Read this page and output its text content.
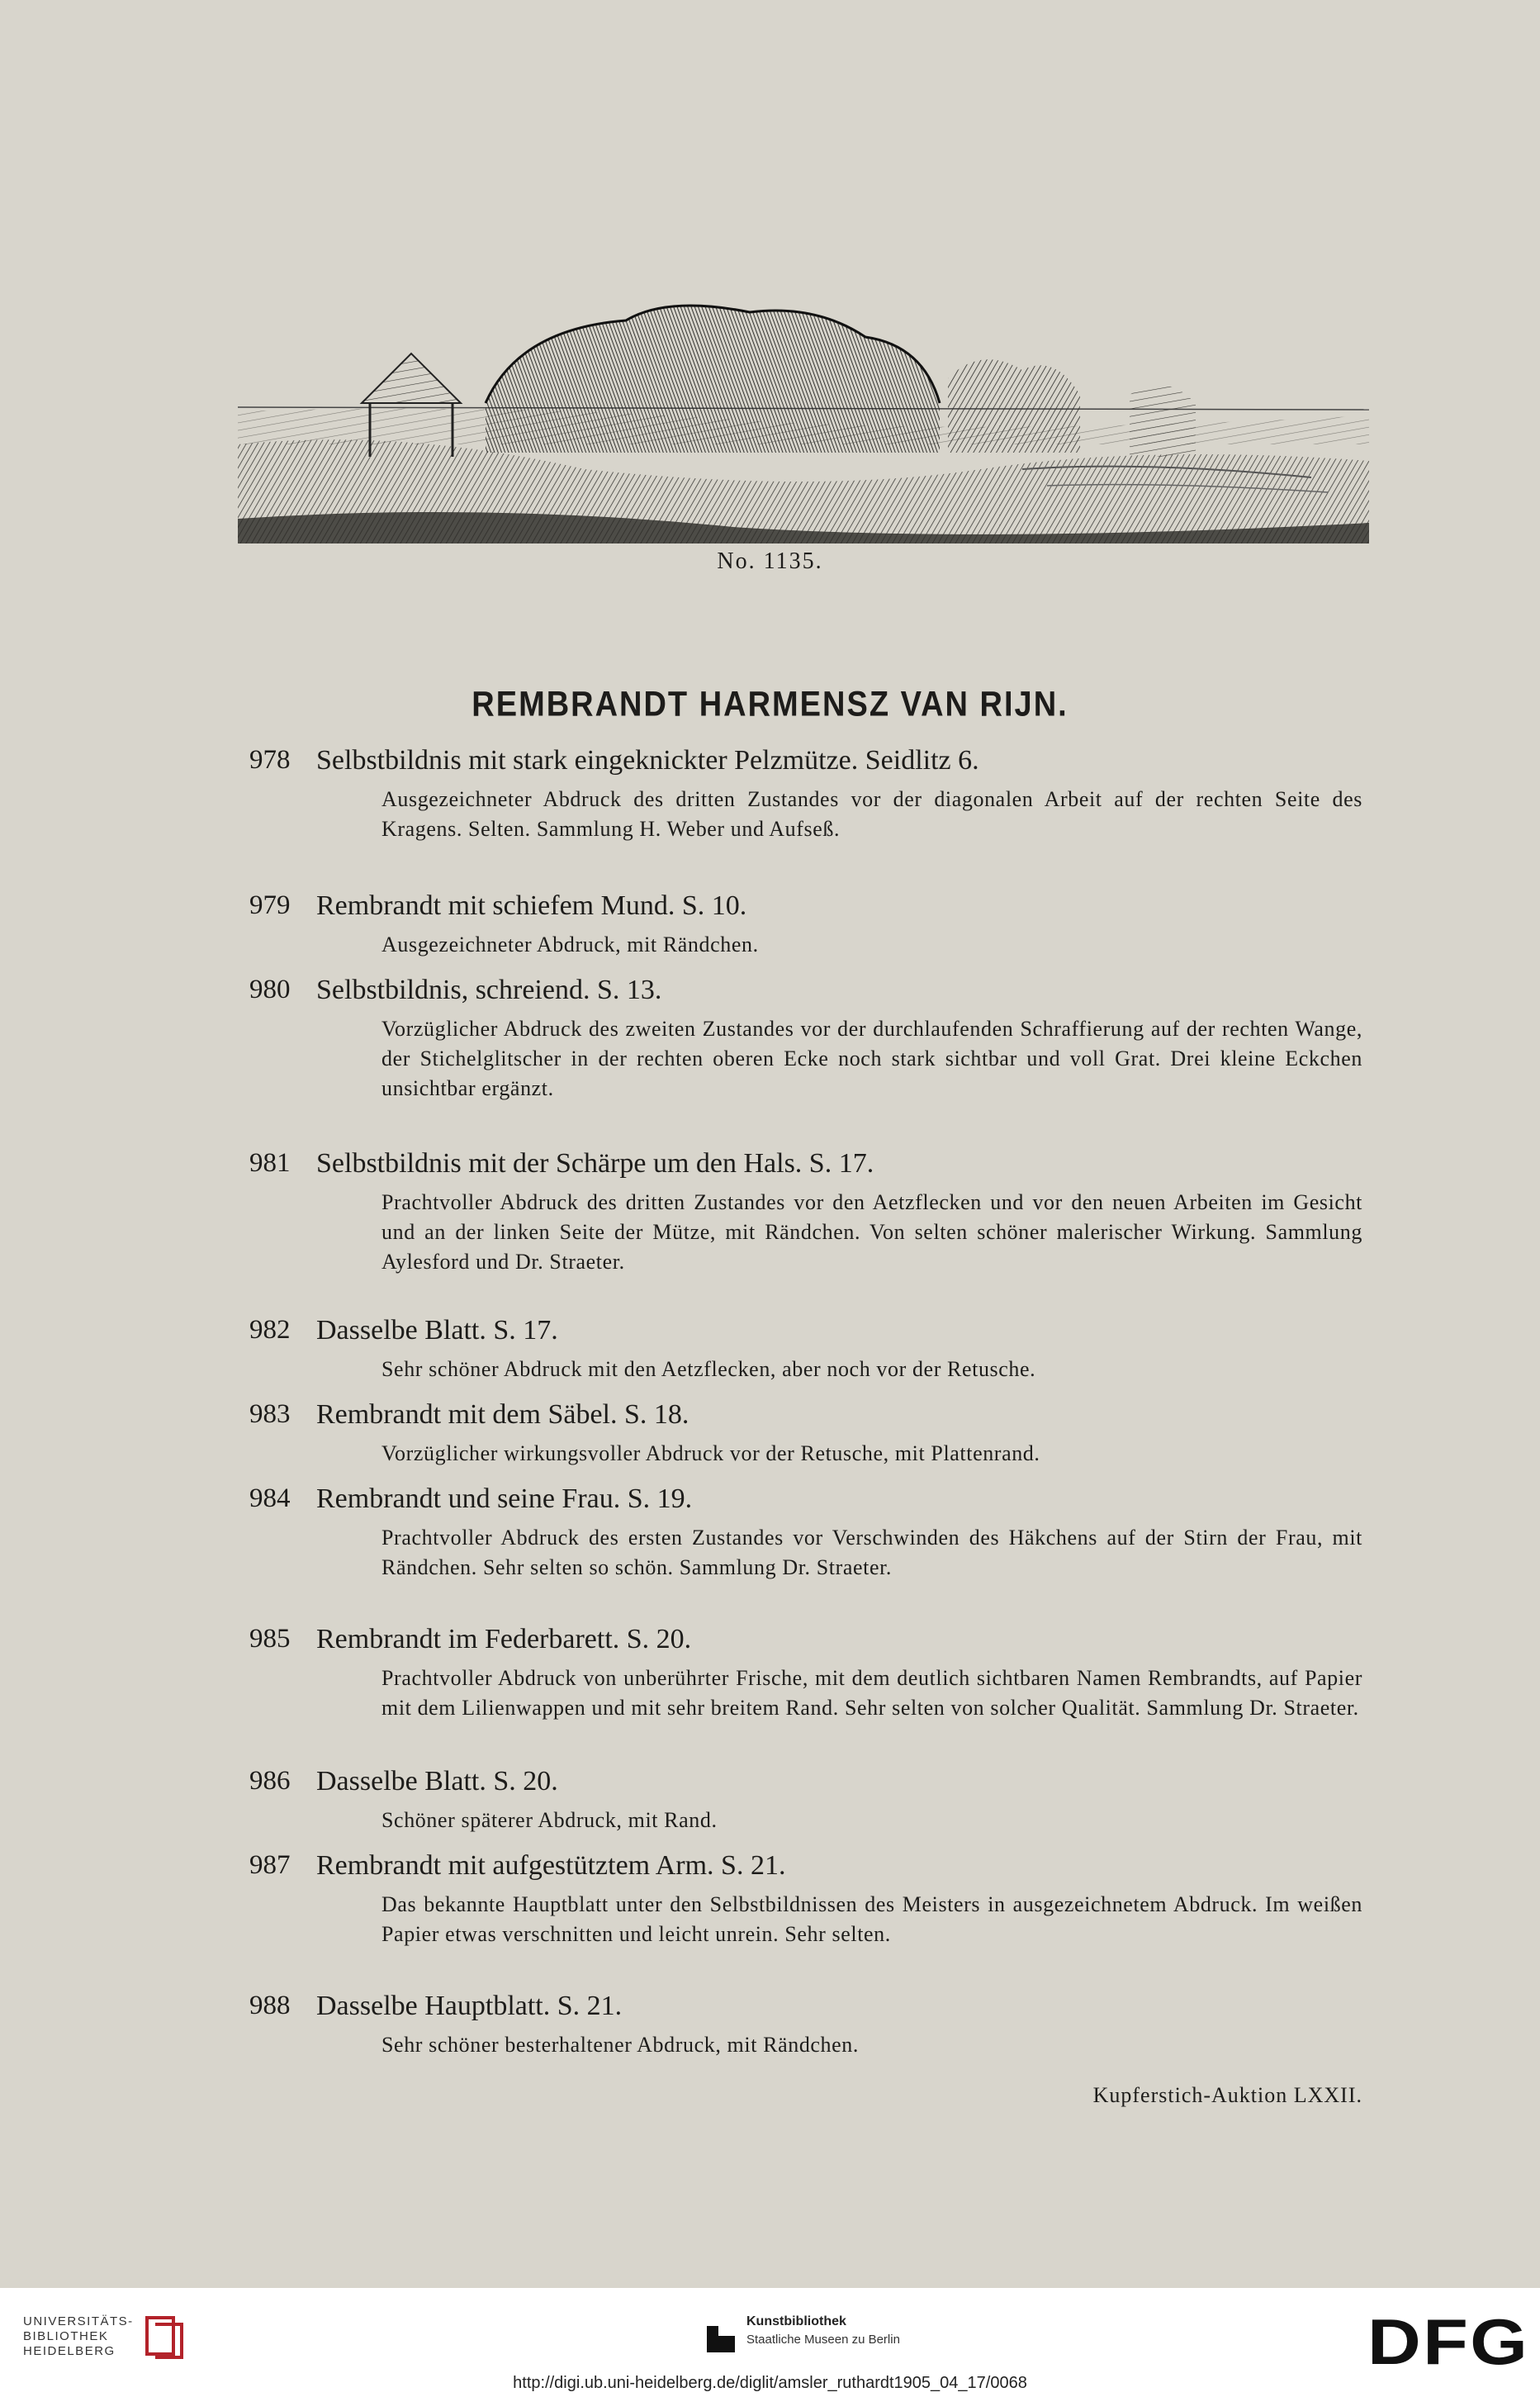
No. 1135.
REMBRANDT HARMENSZ VAN RIJN.
978 Selbstbildnis mit stark eingeknickter Pelzmütze. Seidlitz 6.
Ausgezeichneter Abdruck des dritten Zustandes vor der diagonalen Arbeit auf der rechten Seite des Kragens. Selten. Sammlung H. Weber und Aufseß.
979 Rembrandt mit schiefem Mund. S. 10.
Ausgezeichneter Abdruck, mit Rändchen.
980 Selbstbildnis, schreiend. S. 13.
Vorzüglicher Abdruck des zweiten Zustandes vor der durchlaufenden Schraffierung auf der rechten Wange, der Stichelglitscher in der rechten oberen Ecke noch stark sichtbar und voll Grat. Drei kleine Eckchen unsichtbar ergänzt.
981 Selbstbildnis mit der Schärpe um den Hals. S. 17.
Prachtvoller Abdruck des dritten Zustandes vor den Aetzflecken und vor den neuen Arbeiten im Gesicht und an der linken Seite der Mütze, mit Rändchen. Von selten schöner malerischer Wirkung. Sammlung Aylesford und Dr. Straeter.
982 Dasselbe Blatt. S. 17.
Sehr schöner Abdruck mit den Aetzflecken, aber noch vor der Retusche.
983 Rembrandt mit dem Säbel. S. 18.
Vorzüglicher wirkungsvoller Abdruck vor der Retusche, mit Plattenrand.
984 Rembrandt und seine Frau. S. 19.
Prachtvoller Abdruck des ersten Zustandes vor Verschwinden des Häkchens auf der Stirn der Frau, mit Rändchen. Sehr selten so schön. Sammlung Dr. Straeter.
985 Rembrandt im Federbarett. S. 20.
Prachtvoller Abdruck von unberührter Frische, mit dem deutlich sichtbaren Namen Rembrandts, auf Papier mit dem Lilienwappen und mit sehr breitem Rand. Sehr selten von solcher Qualität. Sammlung Dr. Straeter.
986 Dasselbe Blatt. S. 20.
Schöner späterer Abdruck, mit Rand.
987 Rembrandt mit aufgestütztem Arm. S. 21.
Das bekannte Hauptblatt unter den Selbstbildnissen des Meisters in ausgezeichnetem Abdruck. Im weißen Papier etwas verschnitten und leicht unrein. Sehr selten.
988 Dasselbe Hauptblatt. S. 21.
Sehr schöner besterhaltener Abdruck, mit Rändchen.
Kupferstich-Auktion LXXII.
UNIVERSITÄTS-
BIBLIOTHEK
HEIDELBERG
Kunstbibliothek
Staatliche Museen zu Berlin	DFG
http://digi.ub.uni-heidelberg.de/diglit/amsler_ruthardt1905_04_17/0068
